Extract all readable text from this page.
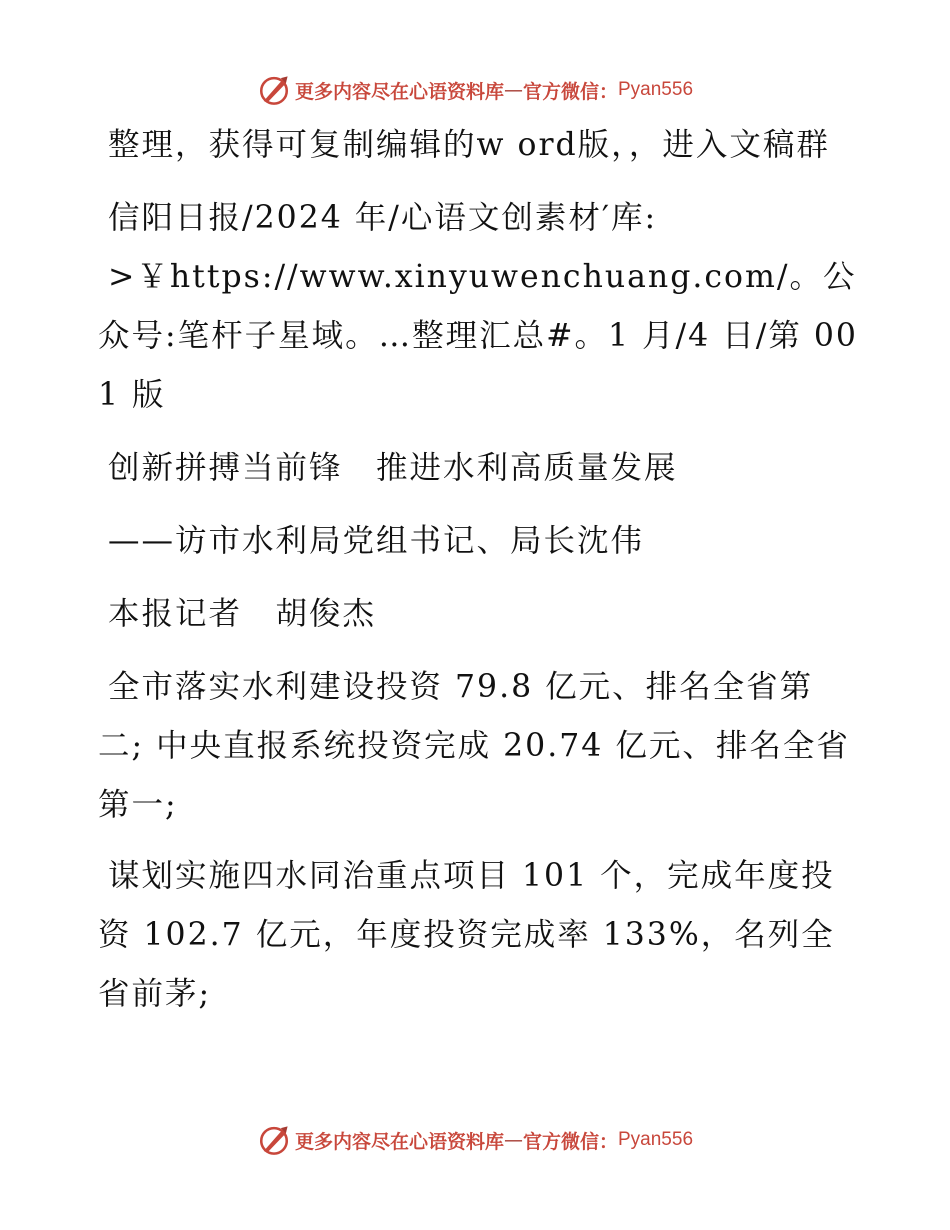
更多内容尽在心语资料库 — 官方微信： Pyan556

整理，获得可复制编辑的w ord版，，进入文稿群

信阳日报/2024 年/心语文创素材′库:

>￥https://www.xinyuwenchuang.com/。公众号:笔杆子星域。…整理汇总#。1 月/4 日/第 001 版

创新拼搏当前锋　推进水利高质量发展

——访市水利局党组书记、局长沈伟

本报记者　胡俊杰

全市落实水利建设投资 79.8 亿元、排名全省第二; 中央直报系统投资完成 20.74 亿元、排名全省第一;

谋划实施四水同治重点项目 101 个，完成年度投资 102.7 亿元，年度投资完成率 133%，名列全省前茅;

更多内容尽在心语资料库 — 官方微信： Pyan556
